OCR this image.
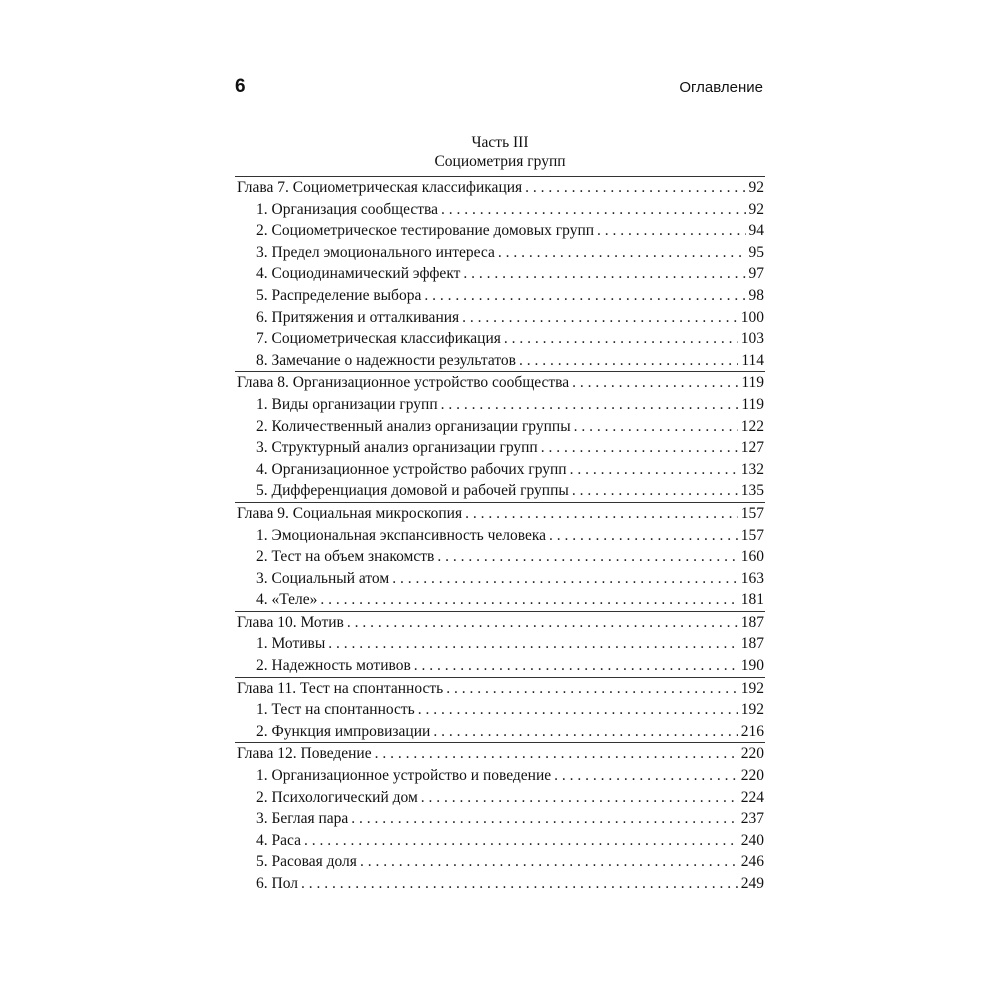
6	Оглавление
Часть III
Социометрия групп
Глава 7. Социометрическая классификация . . .	92
1. Организация сообщества . . .	92
2. Социометрическое тестирование домовых групп . . .	94
3. Предел эмоционального интереса . . .	95
4. Социодинамический эффект . . .	97
5. Распределение выбора . . .	98
6. Притяжения и отталкивания . . .	100
7. Социометрическая классификация . . .	103
8. Замечание о надежности результатов . . .	114
Глава 8. Организационное устройство сообщества . . .	119
1. Виды организации групп . . .	119
2. Количественный анализ организации группы . . .	122
3. Структурный анализ организации групп . . .	127
4. Организационное устройство рабочих групп . . .	132
5. Дифференциация домовой и рабочей группы . . .	135
Глава 9. Социальная микроскопия . . .	157
1. Эмоциональная экспансивность человека . . .	157
2. Тест на объем знакомств . . .	160
3. Социальный атом . . .	163
4. «Теле» . . .	181
Глава 10. Мотив . . .	187
1. Мотивы . . .	187
2. Надежность мотивов . . .	190
Глава 11. Тест на спонтанность . . .	192
1. Тест на спонтанность . . .	192
2. Функция импровизации . . .	216
Глава 12. Поведение . . .	220
1. Организационное устройство и поведение . . .	220
2. Психологический дом . . .	224
3. Беглая пара . . .	237
4. Раса . . .	240
5. Расовая доля . . .	246
6. Пол . . .	249
